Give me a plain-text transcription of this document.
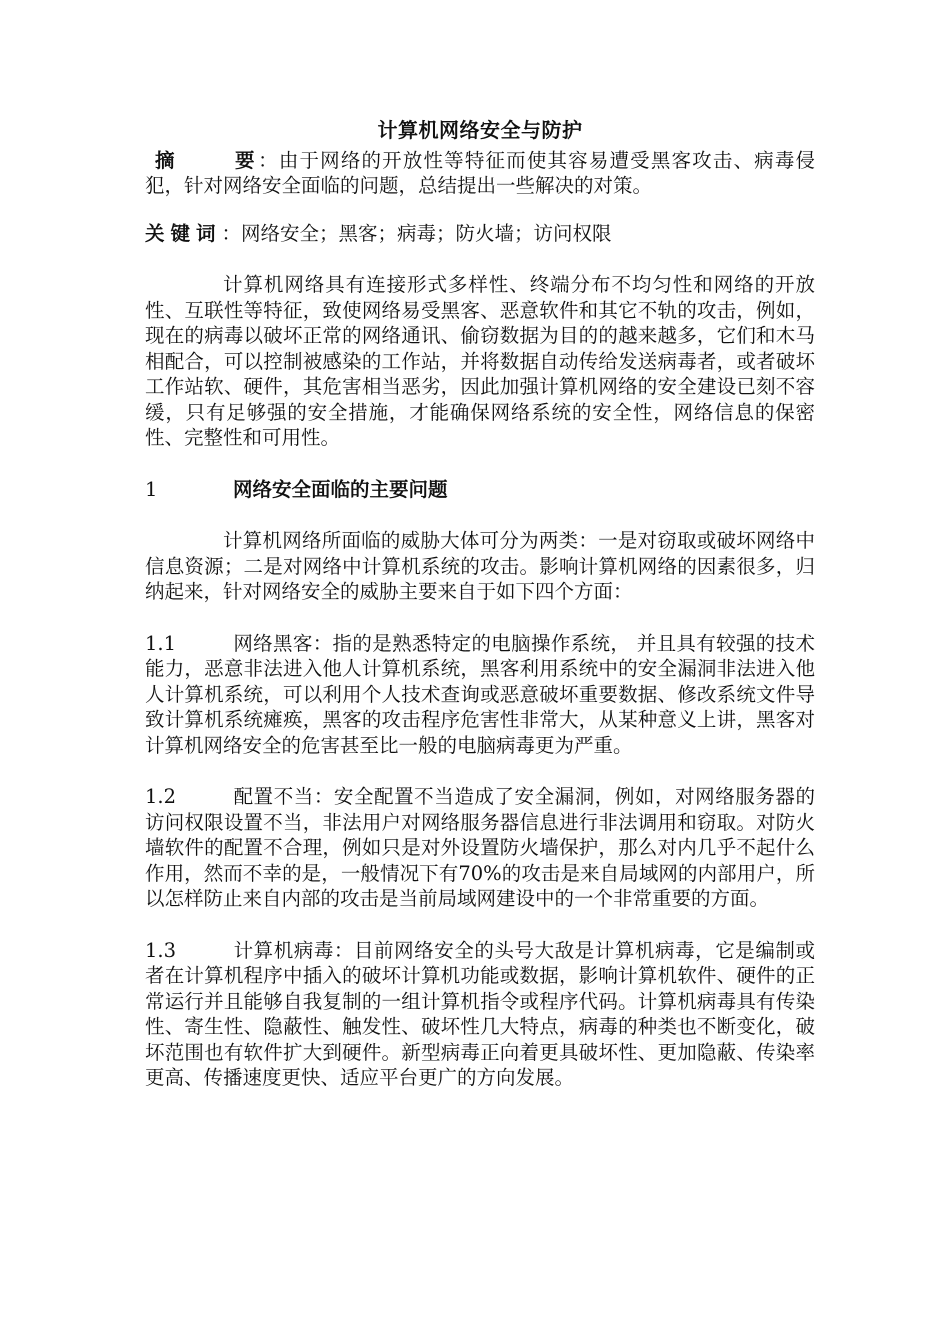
计算机网络安全与防护

摘	要 ：由于网络的开放性等特征而使其容易遭受黑客攻击、病毒侵犯，针对网络安全面临的问题，总结提出一些解决的对策。

关键词：网络安全；黑客；病毒；防火墙；访问权限

计算机网络具有连接形式多样性、终端分布不均匀性和网络的开放性、互联性等特征，致使网络易受黑客、恶意软件和其它不轨的攻击，例如，现在的病毒以破坏正常的网络通讯、偷窃数据为目的的越来越多，它们和木马相配合，可以控制被感染的工作站，并将数据自动传给发送病毒者，或者破坏工作站软、硬件，其危害相当恶劣，因此加强计算机网络的安全建设已刻不容缓，只有足够强的安全措施，才能确保网络系统的安全性，网络信息的保密性、完整性和可用性。

1	网络安全面临的主要问题

计算机网络所面临的威胁大体可分为两类：一是对窃取或破坏网络中信息资源；二是对网络中计算机系统的攻击。影响计算机网络的因素很多，归纳起来，针对网络安全的威胁主要来自于如下四个方面：

1.1	网络黑客：指的是熟悉特定的电脑操作系统， 并且具有较强的技术能力，恶意非法进入他人计算机系统，黑客利用系统中的安全漏洞非法进入他人计算机系统，可以利用个人技术查询或恶意破坏重要数据、修改系统文件导致计算机系统瘫痪，黑客的攻击程序危害性非常大，从某种意义上讲，黑客对计算机网络安全的危害甚至比一般的电脑病毒更为严重。

1.2	配置不当：安全配置不当造成了安全漏洞，例如，对网络服务器的访问权限设置不当，非法用户对网络服务器信息进行非法调用和窃取。对防火墙软件的配置不合理，例如只是对外设置防火墙保护，那么对内几乎不起什么作用，然而不幸的是，一般情况下有70%的攻击是来自局域网的内部用户，所以怎样防止来自内部的攻击是当前局域网建设中的一个非常重要的方面。

1.3	计算机病毒：目前网络安全的头号大敌是计算机病毒，它是编制或者在计算机程序中插入的破坏计算机功能或数据，影响计算机软件、硬件的正常运行并且能够自我复制的一组计算机指令或程序代码。计算机病毒具有传染性、寄生性、隐蔽性、触发性、破坏性几大特点，病毒的种类也不断变化，破坏范围也有软件扩大到硬件。新型病毒正向着更具破坏性、更加隐蔽、传染率更高、传播速度更快、适应平台更广的方向发展。
